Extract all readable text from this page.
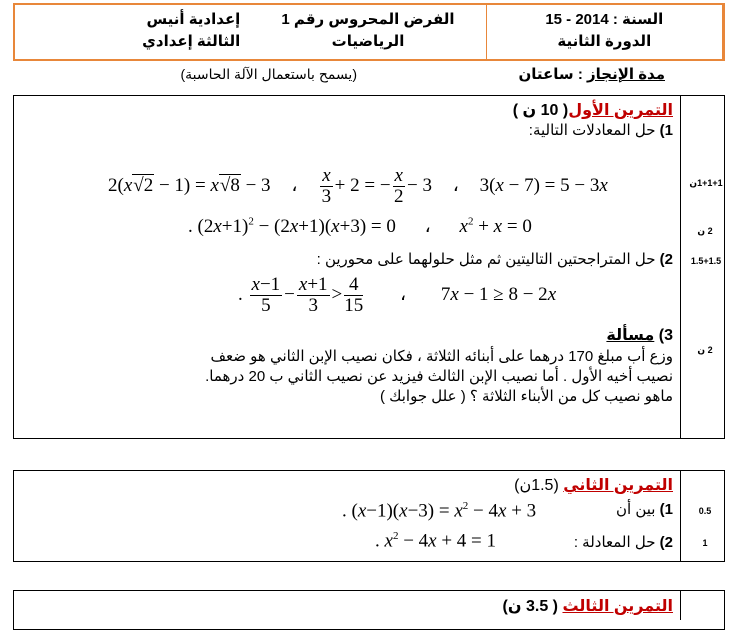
إعدادية أنيس
الثالثة إعدادي
الفرض المحروس رقم 1
الرياضيات
السنة : 2014 - 15
الدورة الثانية
مدة الإنجاز : ساعتان
(يسمح باستعمال الآلة الحاسبة)
التمرين الأول( 10 ن )
1) حل المعادلات التالية:
2(x√2 − 1) = x√8 − 3 ، $\frac{x}{3} + 2$ = − $\frac{x}{2} - 3$ ، 3(x − 7) = 5 − 3x	1+1+1ن
. $(2x+1)^2 - (2x+1)(x+3) = 0$ ، $x^2 + x = 0$	2 ن
2) حل المتراجحتين التاليتين ثم مثل حلولهما على محورين :	1.5+1.5
. $\frac{x-1}{5} - \frac{x+1}{3} > \frac{4}{15}$ ، 7x − 1 ≥ 8 − 2x
3) مسألة
2 ن
وزع أب مبلغ 170 درهما على أبنائه الثلاثة ، فكان نصيب الإبن الثاني هو ضعف
نصيب أخيه الأول . أما نصيب الإبن الثالث فيزيد عن نصيب الثاني ب 20 درهما.
ماهو نصيب كل من الأبناء الثلاثة ؟ ( علل جوابك )
التمرين الثاني (1.5ن)
1) بين أن
. $(x-1)(x-3) = x^2 - 4x + 3$	0.5
2) حل المعادلة :
. $x^2 - 4x + 4 = 1$	1
التمرين الثالث ( 3.5 ن)
